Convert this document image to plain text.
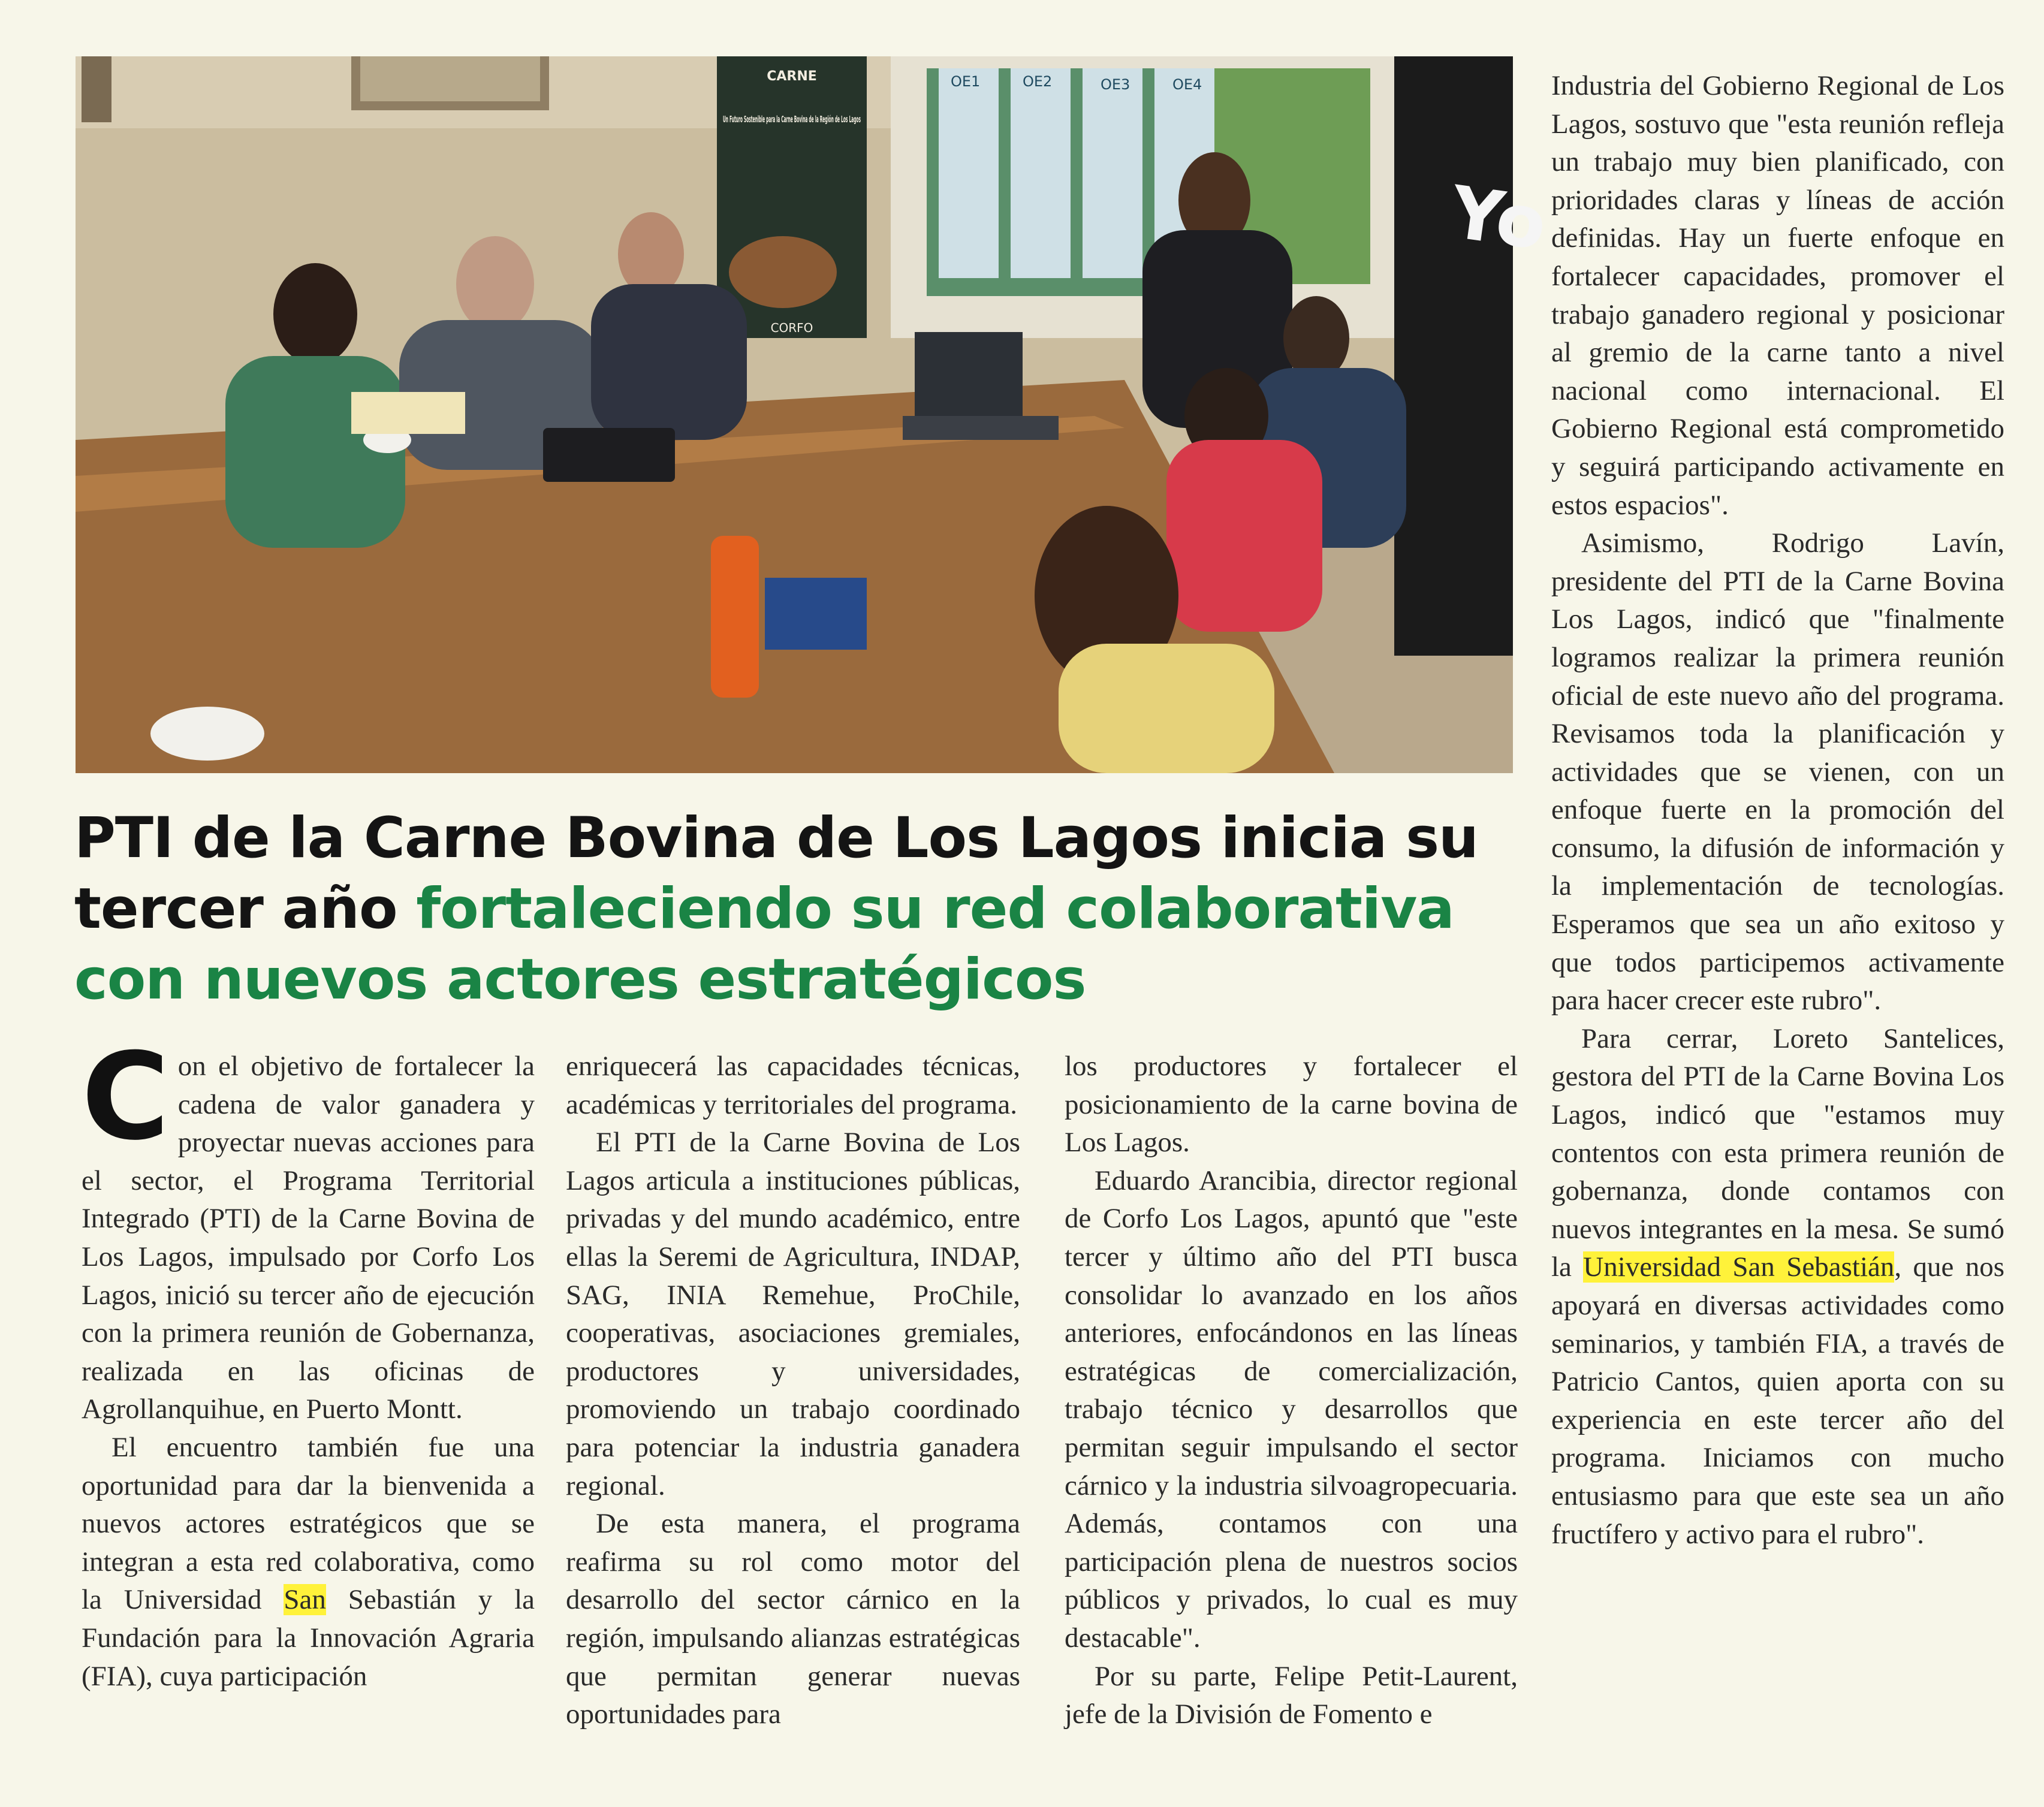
OE1	OE2	OE3	OE4
CARNE
Un Futuro Sostenible para la Carne Bovina de la Región de Los Lagos
CORFO
Yo
PTI de la Carne Bovina de Los Lagos inicia su tercer año fortaleciendo su red colaborativa con nuevos actores estratégicos

Con el objetivo de fortalecer la cadena de valor ganadera y proyectar nuevas acciones para el sector, el Programa Territorial Integrado (PTI) de la Carne Bovina de Los Lagos, impulsado por Corfo Los Lagos, inició su tercer año de ejecución con la primera reunión de Gobernanza, realizada en las oficinas de Agrollanquihue, en Puerto Montt.

El encuentro también fue una oportunidad para dar la bienvenida a nuevos actores estratégicos que se integran a esta red colaborativa, como la Universidad San Sebastián y la Fundación para la Innovación Agraria (FIA), cuya participación

enriquecerá las capacidades técnicas, académicas y territoriales del programa.

El PTI de la Carne Bovina de Los Lagos articula a instituciones públicas, privadas y del mundo académico, entre ellas la Seremi de Agricultura, INDAP, SAG, INIA Remehue, ProChile, cooperativas, asociaciones gremiales, productores y universidades, promoviendo un trabajo coordinado para potenciar la industria ganadera regional.

De esta manera, el programa reafirma su rol como motor del desarrollo del sector cárnico en la región, impulsando alianzas estratégicas que permitan generar nuevas oportunidades para

los productores y fortalecer el posicionamiento de la carne bovina de Los Lagos.

Eduardo Arancibia, director regional de Corfo Los Lagos, apuntó que "este tercer y último año del PTI busca consolidar lo avanzado en los años anteriores, enfocándonos en las líneas estratégicas de comercialización, trabajo técnico y desarrollos que permitan seguir impulsando el sector cárnico y la industria silvoagropecuaria. Además, contamos con una participación plena de nuestros socios públicos y privados, lo cual es muy destacable".

Por su parte, Felipe Petit-Laurent, jefe de la División de Fomento e

Industria del Gobierno Regional de Los Lagos, sostuvo que "esta reunión refleja un trabajo muy bien planificado, con prioridades claras y líneas de acción definidas. Hay un fuerte enfoque en fortalecer capacidades, promover el trabajo ganadero regional y posicionar al gremio de la carne tanto a nivel nacional como internacional. El Gobierno Regional está comprometido y seguirá participando activamente en estos espacios".

Asimismo, Rodrigo Lavín, presidente del PTI de la Carne Bovina Los Lagos, indicó que "finalmente logramos realizar la primera reunión oficial de este nuevo año del programa. Revisamos toda la planificación y actividades que se vienen, con un enfoque fuerte en la promoción del consumo, la difusión de información y la implementación de tecnologías. Esperamos que sea un año exitoso y que todos participemos activamente para hacer crecer este rubro".

Para cerrar, Loreto Santelices, gestora del PTI de la Carne Bovina Los Lagos, indicó que "estamos muy contentos con esta primera reunión de gobernanza, donde contamos con nuevos integrantes en la mesa. Se sumó la Universidad San Sebastián, que nos apoyará en diversas actividades como seminarios, y también FIA, a través de Patricio Cantos, quien aporta con su experiencia en este tercer año del programa. Iniciamos con mucho entusiasmo para que este sea un año fructífero y activo para el rubro".
